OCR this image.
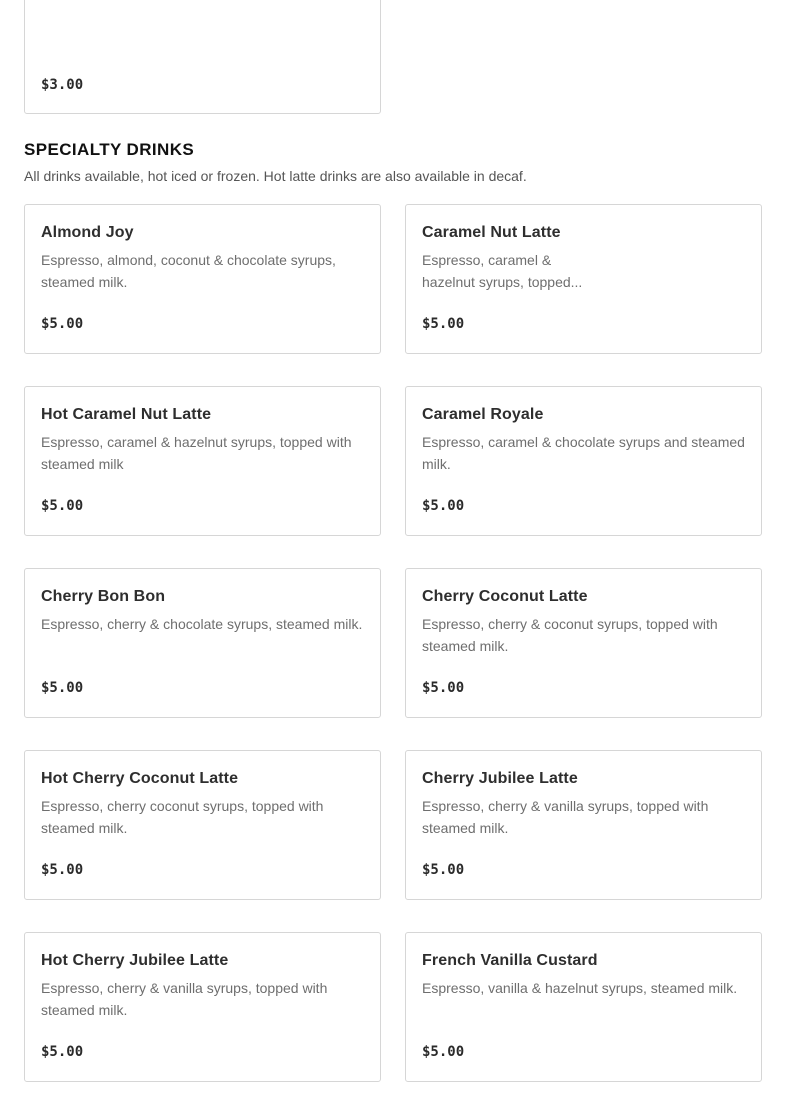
$3.00
SPECIALTY DRINKS

All drinks available, hot iced or frozen. Hot latte drinks are also available in decaf.

Almond Joy

Espresso, almond, coconut & chocolate syrups, steamed milk.

$5.00
Caramel Nut Latte

Espresso, caramel & hazelnut syrups, topped...

$5.00
Hot Caramel Nut Latte

Espresso, caramel & hazelnut syrups, topped with steamed milk

$5.00
Caramel Royale

Espresso, caramel & chocolate syrups and steamed milk.

$5.00
Cherry Bon Bon

Espresso, cherry & chocolate syrups, steamed milk.

$5.00
Cherry Coconut Latte

Espresso, cherry & coconut syrups, topped with steamed milk.

$5.00
Hot Cherry Coconut Latte

Espresso, cherry coconut syrups, topped with steamed milk.

$5.00
Cherry Jubilee Latte

Espresso, cherry & vanilla syrups, topped with steamed milk.

$5.00
Hot Cherry Jubilee Latte

Espresso, cherry & vanilla syrups, topped with steamed milk.

$5.00
French Vanilla Custard

Espresso, vanilla & hazelnut syrups, steamed milk.

$5.00
